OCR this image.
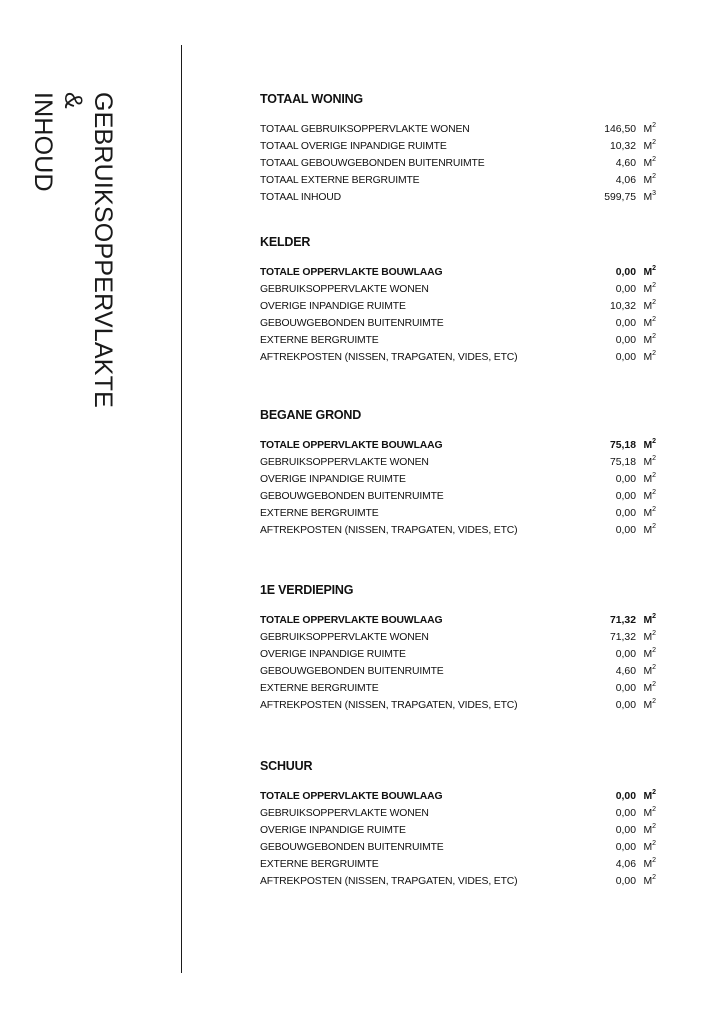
GEBRUIKSOPPERVLAKTE &
INHOUD	TOTAAL WONING
TOTAAL GEBRUIKSOPPERVLAKTE WONEN	146,50 $M^2$
TOTAAL OVERIGE INPANDIGE RUIMTE	10,32 $M^2$
TOTAAL GEBOUWGEBONDEN BUITENRUIMTE	4,60 $M^2$
TOTAAL EXTERNE BERGRUIMTE	4,06 $M^2$
TOTAAL INHOUD	599,75 $M^3$
KELDER
TOTALE OPPERVLAKTE BOUWLAAG	0,00 $M^2$
GEBRUIKSOPPERVLAKTE WONEN	0,00 $M^2$
OVERIGE INPANDIGE RUIMTE	10,32 $M^2$
GEBOUWGEBONDEN BUITENRUIMTE	0,00 $M^2$
EXTERNE BERGRUIMTE	0,00 $M^2$
AFTREKPOSTEN (NISSEN, TRAPGATEN, VIDES, ETC)	0,00 $M^2$
BEGANE GROND
TOTALE OPPERVLAKTE BOUWLAAG	75,18 $M^2$
GEBRUIKSOPPERVLAKTE WONEN	75,18 $M^2$
OVERIGE INPANDIGE RUIMTE	0,00 $M^2$
GEBOUWGEBONDEN BUITENRUIMTE	0,00 $M^2$
EXTERNE BERGRUIMTE	0,00 $M^2$
AFTREKPOSTEN (NISSEN, TRAPGATEN, VIDES, ETC)	0,00 $M^2$
1E VERDIEPING
TOTALE OPPERVLAKTE BOUWLAAG	71,32 $M^2$
GEBRUIKSOPPERVLAKTE WONEN	71,32 $M^2$
OVERIGE INPANDIGE RUIMTE	0,00 $M^2$
GEBOUWGEBONDEN BUITENRUIMTE	4,60 $M^2$
EXTERNE BERGRUIMTE	0,00 $M^2$
AFTREKPOSTEN (NISSEN, TRAPGATEN, VIDES, ETC)	0,00 $M^2$
SCHUUR
TOTALE OPPERVLAKTE BOUWLAAG	0,00 $M^2$
GEBRUIKSOPPERVLAKTE WONEN	0,00 $M^2$
OVERIGE INPANDIGE RUIMTE	0,00 $M^2$
GEBOUWGEBONDEN BUITENRUIMTE	0,00 $M^2$
EXTERNE BERGRUIMTE	4,06 $M^2$
AFTREKPOSTEN (NISSEN, TRAPGATEN, VIDES, ETC)	0,00 $M^2$
